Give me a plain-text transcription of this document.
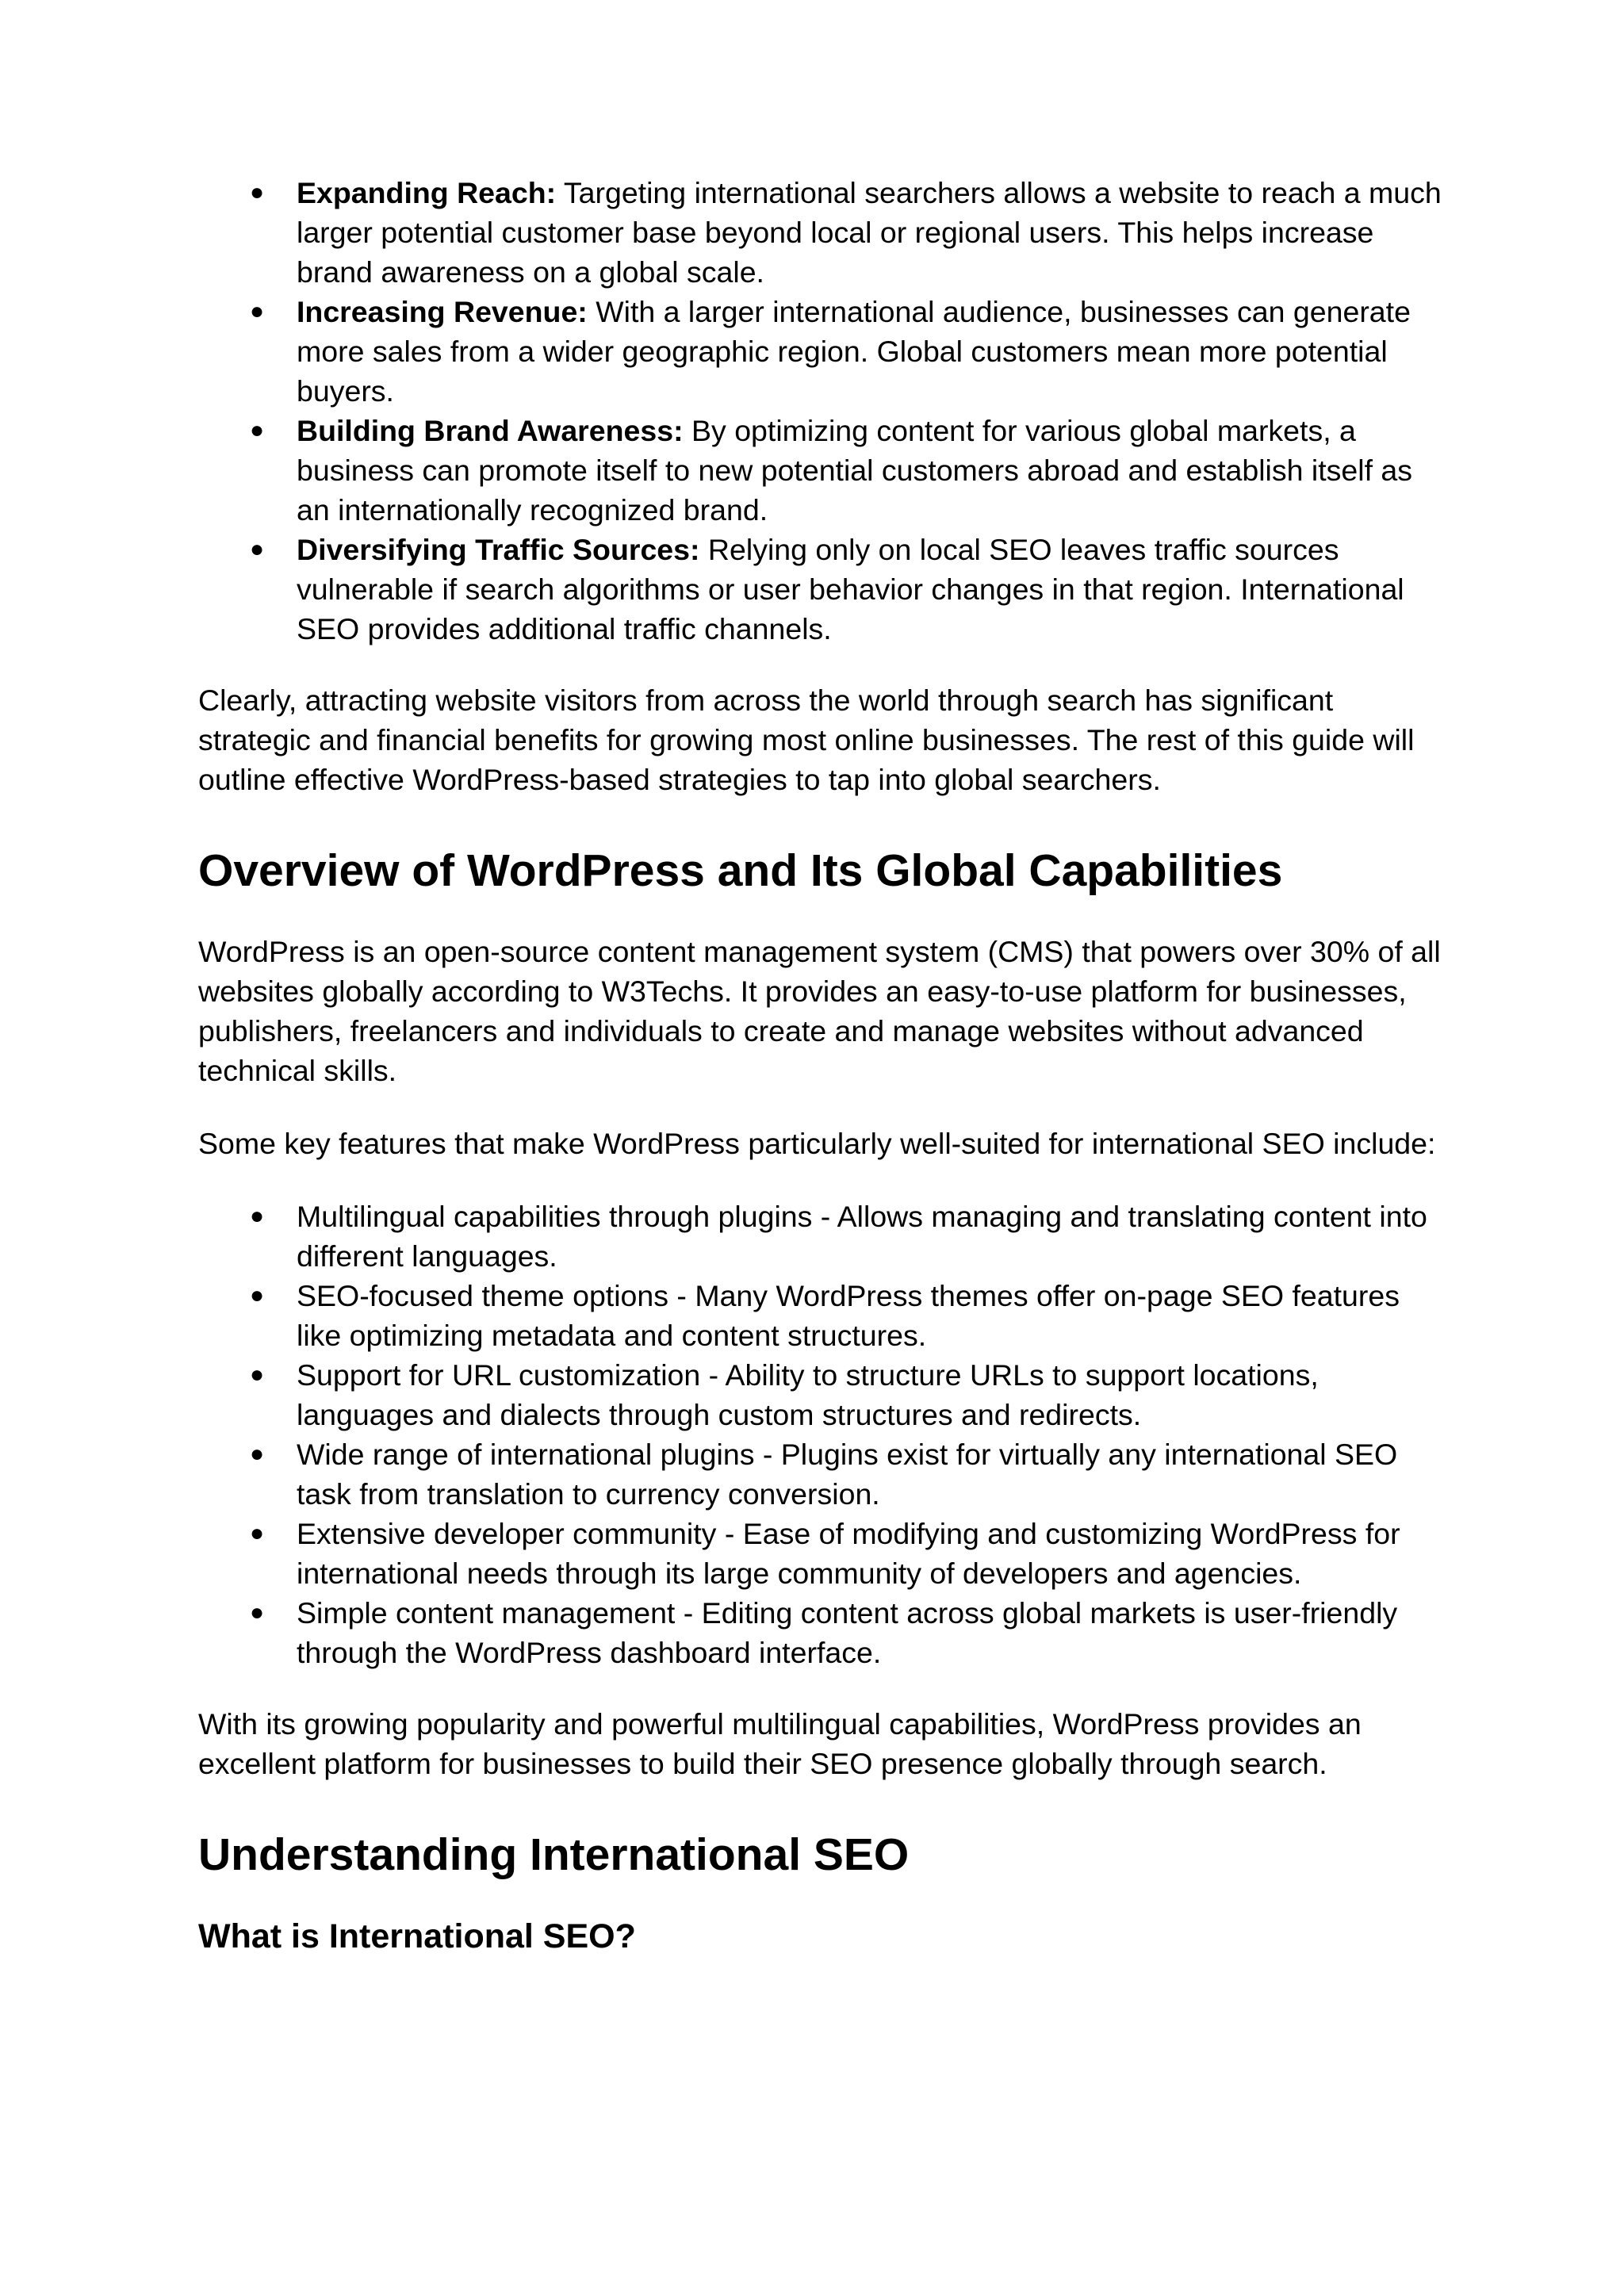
● Expanding Reach: Targeting international searchers allows a website to reach a much larger potential customer base beyond local or regional users. This helps increase brand awareness on a global scale.
● Increasing Revenue: With a larger international audience, businesses can generate more sales from a wider geographic region. Global customers mean more potential buyers.
● Building Brand Awareness: By optimizing content for various global markets, a business can promote itself to new potential customers abroad and establish itself as an internationally recognized brand.
● Diversifying Traffic Sources: Relying only on local SEO leaves traffic sources vulnerable if search algorithms or user behavior changes in that region. International SEO provides additional traffic channels.

Clearly, attracting website visitors from across the world through search has significant strategic and financial benefits for growing most online businesses. The rest of this guide will outline effective WordPress-based strategies to tap into global searchers.

Overview of WordPress and Its Global Capabilities

WordPress is an open-source content management system (CMS) that powers over 30% of all websites globally according to W3Techs. It provides an easy-to-use platform for businesses, publishers, freelancers and individuals to create and manage websites without advanced technical skills.

Some key features that make WordPress particularly well-suited for international SEO include:

● Multilingual capabilities through plugins - Allows managing and translating content into different languages.
● SEO-focused theme options - Many WordPress themes offer on-page SEO features like optimizing metadata and content structures.
● Support for URL customization - Ability to structure URLs to support locations, languages and dialects through custom structures and redirects.
● Wide range of international plugins - Plugins exist for virtually any international SEO task from translation to currency conversion.
● Extensive developer community - Ease of modifying and customizing WordPress for international needs through its large community of developers and agencies.
● Simple content management - Editing content across global markets is user-friendly through the WordPress dashboard interface.

With its growing popularity and powerful multilingual capabilities, WordPress provides an excellent platform for businesses to build their SEO presence globally through search.

Understanding International SEO
What is International SEO?
